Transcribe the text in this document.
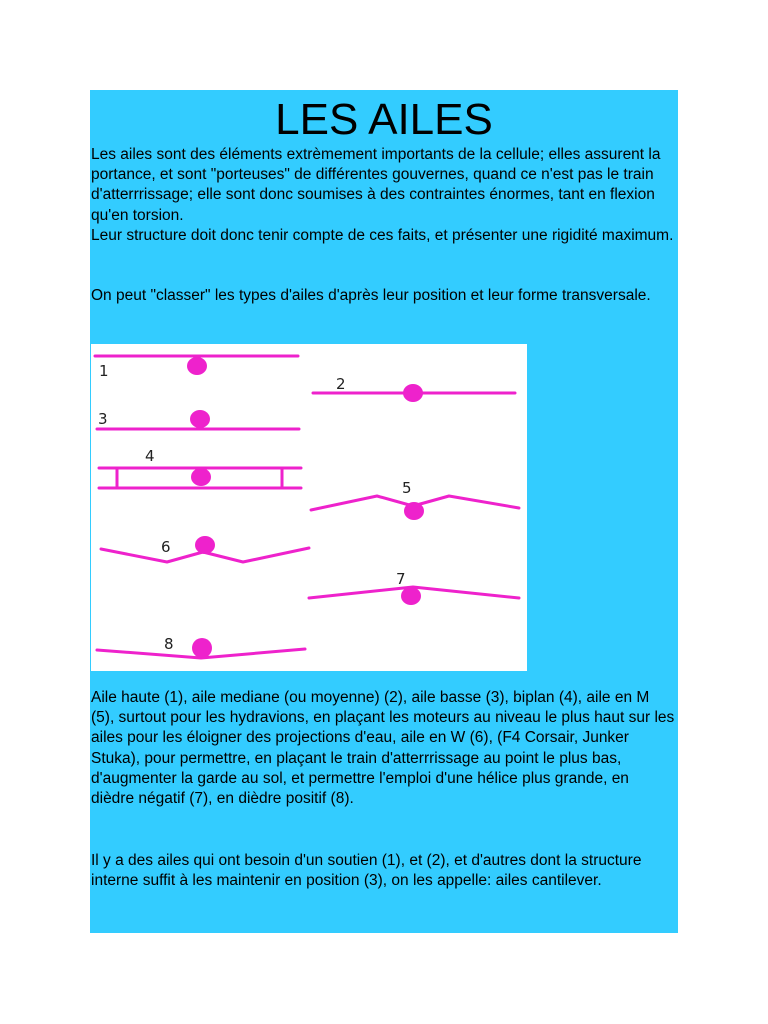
LES AILES

Les ailes sont des éléments extrèmement importants de la cellule; elles assurent la portance, et sont "porteuses" de différentes gouvernes, quand ce n'est pas le train d'atterrrissage; elle sont donc soumises à des contraintes énormes, tant en flexion qu'en torsion.
Leur structure doit donc tenir compte de ces faits, et présenter une rigidité maximum.

On peut "classer" les types d'ailes d'après leur position et leur forme transversale.

1
2
3
4
5
6
7
8

Aile haute (1), aile mediane (ou moyenne) (2), aile basse (3), biplan (4), aile en M (5), surtout pour les hydravions, en plaçant les moteurs au niveau le plus haut sur les ailes pour les éloigner des projections d'eau, aile en W (6), (F4 Corsair, Junker Stuka), pour permettre, en plaçant le train d'atterrrissage au point le plus bas, d'augmenter la garde au sol, et permettre l'emploi d'une hélice plus grande, en dièdre négatif (7), en dièdre positif (8).

Il y a des ailes qui ont besoin d'un soutien (1), et (2), et d'autres dont la structure interne suffit à les maintenir en position (3), on les appelle: ailes cantilever.
